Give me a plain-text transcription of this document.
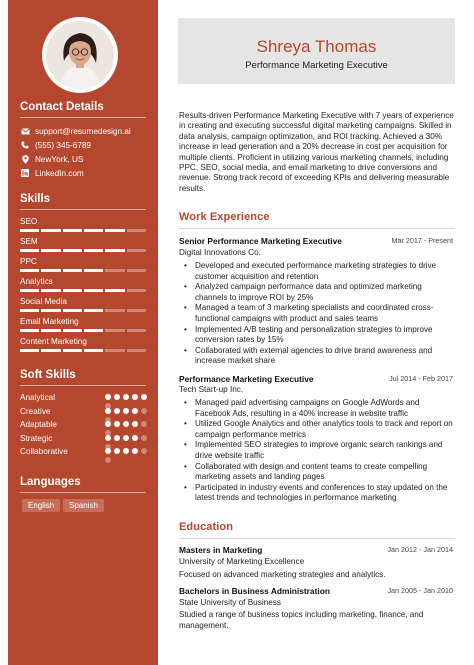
Contact Details
support@resumedesign.ai
(555) 345-6789
NewYork, US
LinkedIn.com
Skills
SEO
SEM
PPC
Analytics
Social Media
Email Marketing
Content Marketing
Soft Skills
Analytical
Creative
Adaptable
Strategic
Collaborative
Languages
English	Spanish
Shreya Thomas
Performance Marketing Executive
Results-driven Performance Marketing Executive with 7 years of experience in creating and executing successful digital marketing campaigns. Skilled in data analysis, campaign optimization, and ROI tracking. Achieved a 30% increase in lead generation and a 20% decrease in cost per acquisition for multiple clients. Proficient in utilizing various marketing channels, including PPC, SEO, social media, and email marketing to drive conversions and revenue. Strong track record of exceeding KPIs and delivering measurable results.
Work Experience
Senior Performance Marketing Executive	Mar 2017 - Present
Digital Innovations Co.
• Developed and executed performance marketing strategies to drive customer acquisition and retention
• Analyzed campaign performance data and optimized marketing channels to improve ROI by 25%
• Managed a team of 3 marketing specialists and coordinated cross-functional campaigns with product and sales teams
• Implemented A/B testing and personalization strategies to improve conversion rates by 15%
• Collaborated with external agencies to drive brand awareness and increase market share
Performance Marketing Executive	Jul 2014 - Feb 2017
Tech Start-up Inc.
• Managed paid advertising campaigns on Google AdWords and Facebook Ads, resulting in a 40% increase in website traffic
• Utilized Google Analytics and other analytics tools to track and report on campaign performance metrics
• Implemented SEO strategies to improve organic search rankings and drive website traffic
• Collaborated with design and content teams to create compelling marketing assets and landing pages
• Participated in industry events and conferences to stay updated on the latest trends and technologies in performance marketing
Education
Masters in Marketing	Jan 2012 - Jan 2014
University of Marketing Excellence
Focused on advanced marketing strategies and analytics.
Bachelors in Business Administration	Jan 2005 - Jan 2010
State University of Business
Studied a range of business topics including marketing, finance, and management.
